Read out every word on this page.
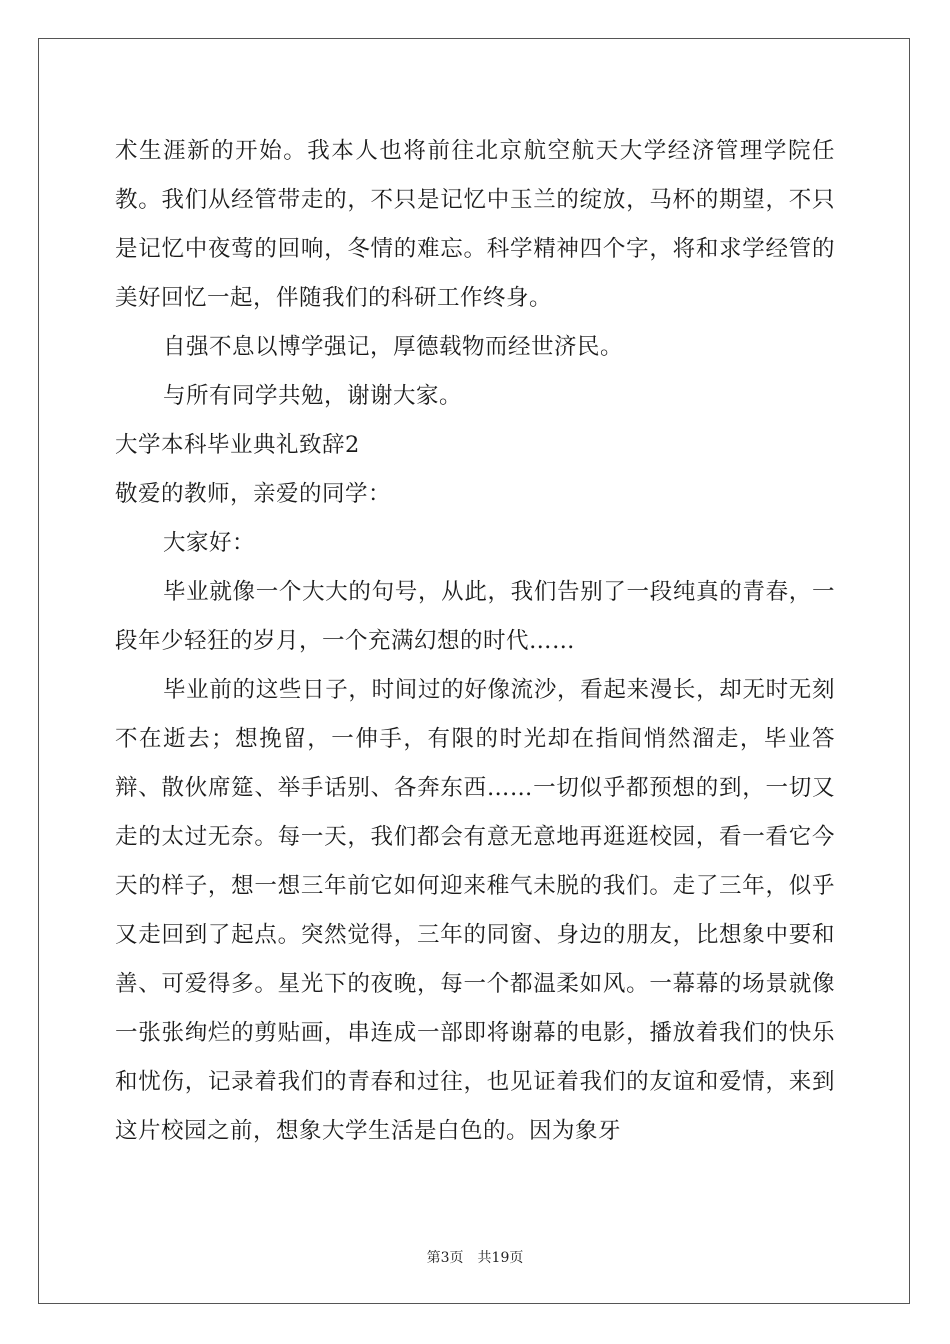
术生涯新的开始。我本人也将前往北京航空航天大学经济管理学院任教。我们从经管带走的，不只是记忆中玉兰的绽放，马杯的期望，不只是记忆中夜莺的回响，冬情的难忘。科学精神四个字，将和求学经管的美好回忆一起，伴随我们的科研工作终身。

自强不息以博学强记，厚德载物而经世济民。

与所有同学共勉，谢谢大家。

大学本科毕业典礼致辞2

敬爱的教师，亲爱的同学：

大家好：

毕业就像一个大大的句号，从此，我们告别了一段纯真的青春，一段年少轻狂的岁月，一个充满幻想的时代……

毕业前的这些日子，时间过的好像流沙，看起来漫长，却无时无刻不在逝去；想挽留，一伸手，有限的时光却在指间悄然溜走，毕业答辩、散伙席筵、举手话别、各奔东西……一切似乎都预想的到，一切又走的太过无奈。每一天，我们都会有意无意地再逛逛校园，看一看它今天的样子，想一想三年前它如何迎来稚气未脱的我们。走了三年，似乎又走回到了起点。突然觉得，三年的同窗、身边的朋友，比想象中要和善、可爱得多。星光下的夜晚，每一个都温柔如风。一幕幕的场景就像一张张绚烂的剪贴画，串连成一部即将谢幕的电影，播放着我们的快乐和忧伤，记录着我们的青春和过往，也见证着我们的友谊和爱情，来到这片校园之前，想象大学生活是白色的。因为象牙

第3页　共19页
